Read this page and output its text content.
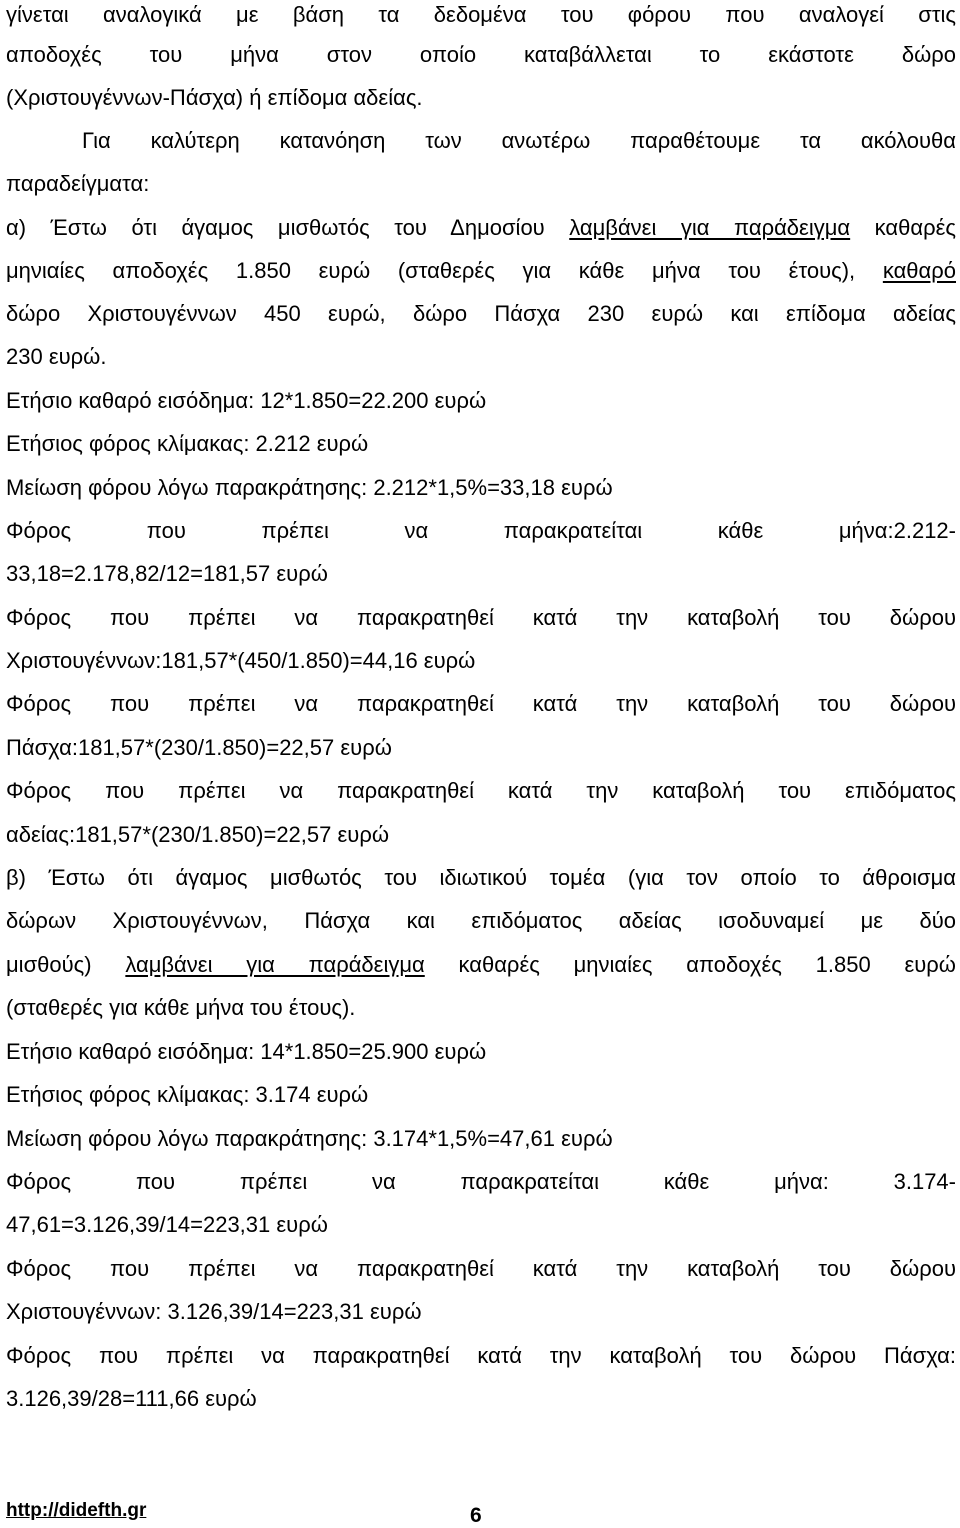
γίνεται αναλογικά με βάση τα δεδομένα του φόρου που αναλογεί στις
αποδοχές του μήνα στον οποίο καταβάλλεται το εκάστοτε δώρο
(Χριστουγέννων-Πάσχα) ή επίδομα αδείας.
Για καλύτερη κατανόηση των ανωτέρω παραθέτουμε τα ακόλουθα
παραδείγματα:
α) Έστω ότι άγαμος μισθωτός του Δημοσίου λαμβάνει για παράδειγμα καθαρές
μηνιαίες αποδοχές 1.850 ευρώ (σταθερές για κάθε μήνα του έτους), καθαρό
δώρο Χριστουγέννων 450 ευρώ, δώρο Πάσχα 230 ευρώ και επίδομα αδείας
230 ευρώ.
Ετήσιο καθαρό εισόδημα: 12*1.850=22.200 ευρώ
Ετήσιος φόρος κλίμακας: 2.212 ευρώ
Μείωση φόρου λόγω παρακράτησης: 2.212*1,5%=33,18 ευρώ
Φόρος που πρέπει να παρακρατείται κάθε μήνα:2.212-
33,18=2.178,82/12=181,57 ευρώ
Φόρος που πρέπει να παρακρατηθεί κατά την καταβολή του δώρου
Χριστουγέννων:181,57*(450/1.850)=44,16 ευρώ
Φόρος που πρέπει να παρακρατηθεί κατά την καταβολή του δώρου
Πάσχα:181,57*(230/1.850)=22,57 ευρώ
Φόρος που πρέπει να παρακρατηθεί κατά την καταβολή του επιδόματος
αδείας:181,57*(230/1.850)=22,57 ευρώ
β) Έστω ότι άγαμος μισθωτός του ιδιωτικού τομέα (για τον οποίο το άθροισμα
δώρων Χριστουγέννων, Πάσχα και επιδόματος αδείας ισοδυναμεί με δύο
μισθούς) λαμβάνει για παράδειγμα καθαρές μηνιαίες αποδοχές 1.850 ευρώ
(σταθερές για κάθε μήνα του έτους).
Ετήσιο καθαρό εισόδημα: 14*1.850=25.900 ευρώ
Ετήσιος φόρος κλίμακας: 3.174 ευρώ
Μείωση φόρου λόγω παρακράτησης: 3.174*1,5%=47,61 ευρώ
Φόρος που πρέπει να παρακρατείται κάθε μήνα: 3.174-
47,61=3.126,39/14=223,31 ευρώ
Φόρος που πρέπει να παρακρατηθεί κατά την καταβολή του δώρου
Χριστουγέννων: 3.126,39/14=223,31 ευρώ
Φόρος που πρέπει να παρακρατηθεί κατά την καταβολή του δώρου Πάσχα:
3.126,39/28=111,66 ευρώ
http://didefth.gr	6
